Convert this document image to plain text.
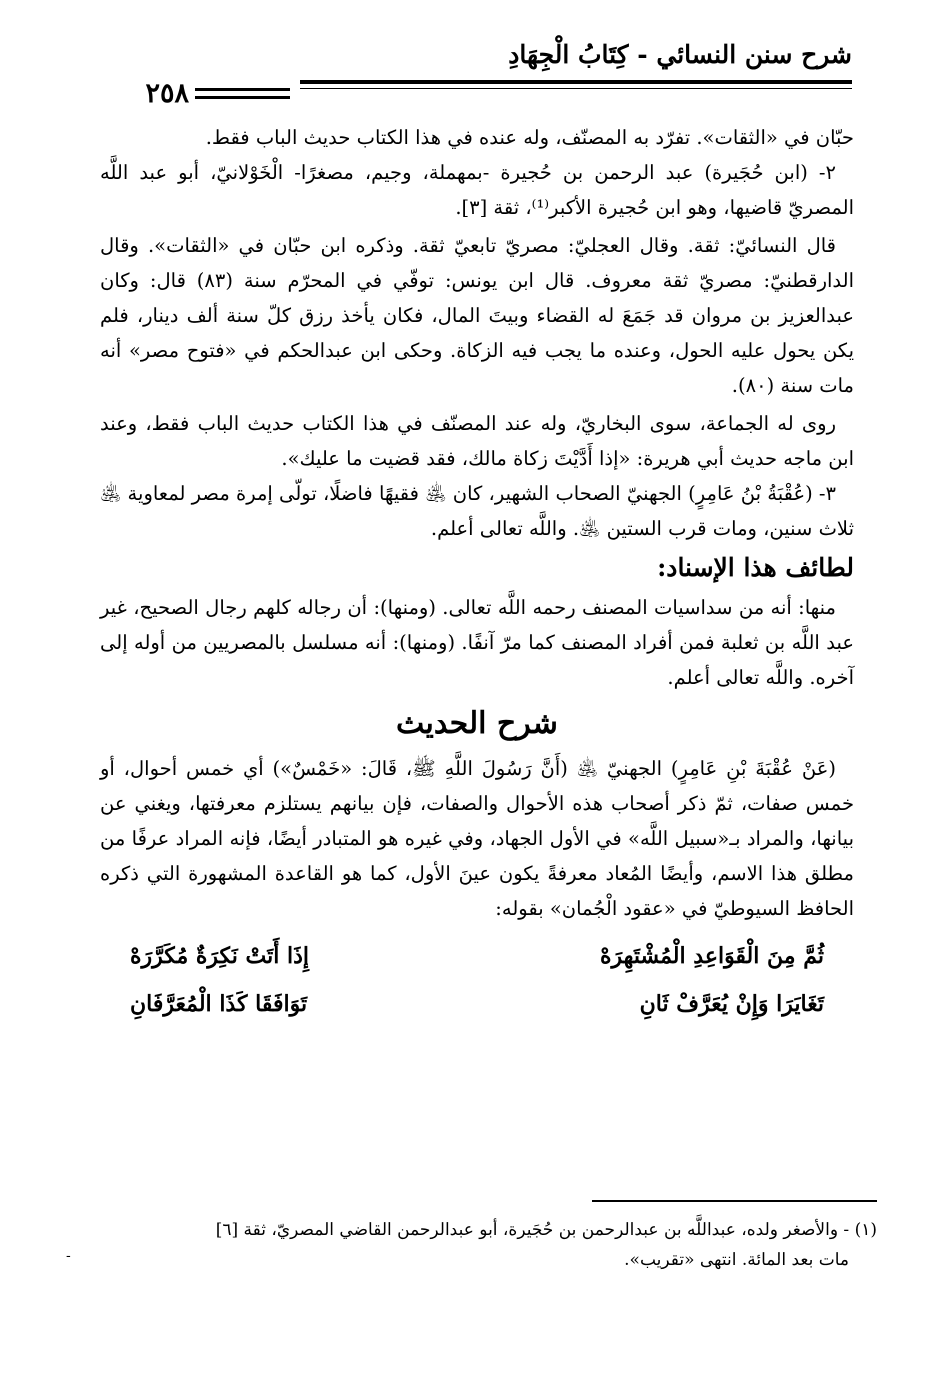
شرح سنن النسائي - كِتَابُ الْجِهَادِ
٢٥٨

حبّان في «الثقات». تفرّد به المصنّف، وله عنده في هذا الكتاب حديث الباب فقط.

٢- (ابن حُجَيرة) عبد الرحمن بن حُجيرة -بمهملة، وجيم، مصغرًا- الْخَوْلانيّ، أبو عبد اللَّه المصريّ قاضيها، وهو ابن حُجيرة الأكبر⁽¹⁾، ثقة [٣].

قال النسائيّ: ثقة. وقال العجليّ: مصريّ تابعيّ ثقة. وذكره ابن حبّان في «الثقات». وقال الدارقطنيّ: مصريّ ثقة معروف. قال ابن يونس: توفّي في المحرّم سنة (٨٣) قال: وكان عبدالعزيز بن مروان قد جَمَعَ له القضاء وبيتَ المال، فكان يأخذ رزق كلّ سنة ألف دينار، فلم يكن يحول عليه الحول، وعنده ما يجب فيه الزكاة. وحكى ابن عبدالحكم في «فتوح مصر» أنه مات سنة (٨٠).

روى له الجماعة، سوى البخاريّ، وله عند المصنّف في هذا الكتاب حديث الباب فقط، وعند ابن ماجه حديث أبي هريرة: «إذا أَدَّيْتَ زكاة مالك، فقد قضيت ما عليك».

٣- (عُقْبَةُ بْنُ عَامِرٍ) الجهنيّ الصحاب الشهير، كان ﵁ فقيهًا فاضلًا، تولّى إمرة مصر لمعاوية ﵁ ثلاث سنين، ومات قرب الستين ﵁. واللَّه تعالى أعلم.

لطائف هذا الإسناد:

منها: أنه من سداسيات المصنف رحمه اللَّه تعالى. (ومنها): أن رجاله كلهم رجال الصحيح، غير عبد اللَّه بن ثعلبة فمن أفراد المصنف كما مرّ آنفًا. (ومنها): أنه مسلسل بالمصريين من أوله إلى آخره. واللَّه تعالى أعلم.

شرح الحديث

(عَنْ عُقْبَةَ بْنِ عَامِرٍ) الجهنيّ ﵁ (أَنَّ رَسُولَ اللَّهِ ﷺ، قَالَ: «خَمْسٌ») أي خمس أحوال، أو خمس صفات، ثمّ ذكر أصحاب هذه الأحوال والصفات، فإن بيانهم يستلزم معرفتها، ويغني عن بيانها، والمراد بـ«سبيل اللَّه» في الأول الجهاد، وفي غيره هو المتبادر أيضًا، فإنه المراد عرفًا من مطلق هذا الاسم، وأيضًا المُعاد معرفةً يكون عينَ الأول، كما هو القاعدة المشهورة التي ذكره الحافظ السيوطيّ في «عقود الْجُمان» بقوله:

ثُمَّ مِنَ الْقَوَاعِدِ الْمُشْتَهِرَهْ
إِذَا أَتَتْ نَكِرَةٌ مُكَرَّرَهْ
تَغَايَرَا وَإِنْ يُعَرَّفْ ثَانِ
تَوَافَقَا كَذَا الْمُعَرَّفَانِ

(١) - والأصغر ولده، عبداللَّه بن عبدالرحمن بن حُجَيرة، أبو عبدالرحمن القاضي المصريّ، ثقة [٦]

مات بعد المائة. انتهى «تقريب».

-
